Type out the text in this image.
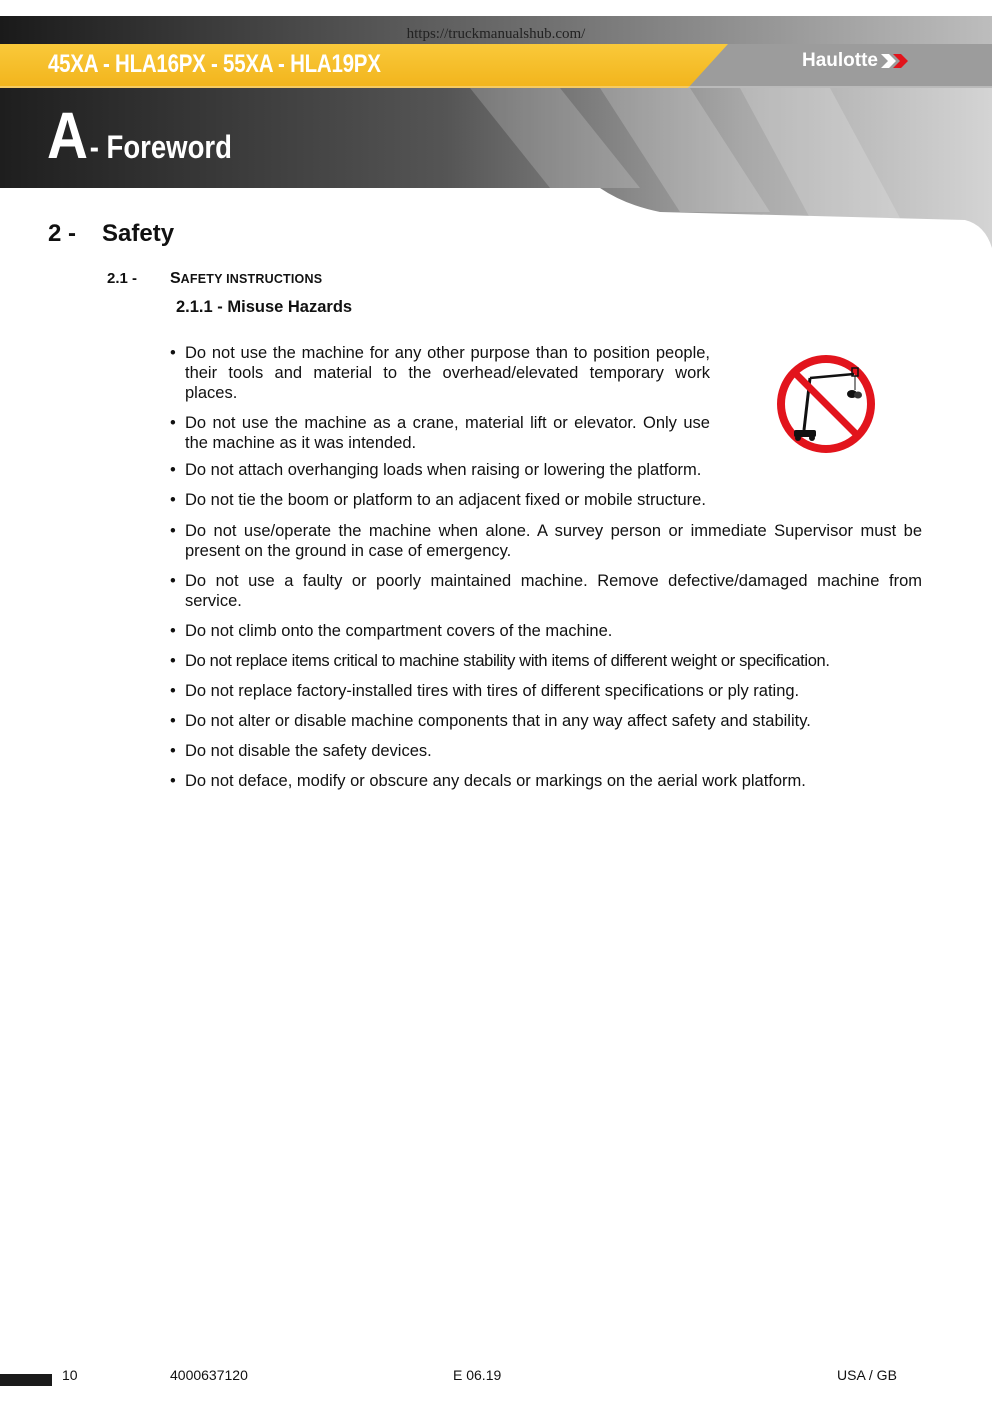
https://truckmanualshub.com/
45XA - HLA16PX - 55XA - HLA19PX	Haulotte
A - Foreword
2 - Safety
2.1 - SAFETY INSTRUCTIONS
2.1.1 - Misuse Hazards
• Do not use the machine for any other purpose than to position people, their tools and material to the overhead/elevated temporary work places.
• Do not use the machine as a crane, material lift or elevator. Only use the machine as it was intended.
• Do not attach overhanging loads when raising or lowering the platform.
• Do not tie the boom or platform to an adjacent fixed or mobile structure.
• Do not use/operate the machine when alone. A survey person or immediate Supervisor must be present on the ground in case of emergency.
• Do not use a faulty or poorly maintained machine. Remove defective/damaged machine from service.
• Do not climb onto the compartment covers of the machine.
• Do not replace items critical to machine stability with items of different weight or specification.
• Do not replace factory-installed tires with tires of different specifications or ply rating.
• Do not alter or disable machine components that in any way affect safety and stability.
• Do not disable the safety devices.
• Do not deface, modify or obscure any decals or markings on the aerial work platform.
10	4000637120	E 06.19	USA / GB
